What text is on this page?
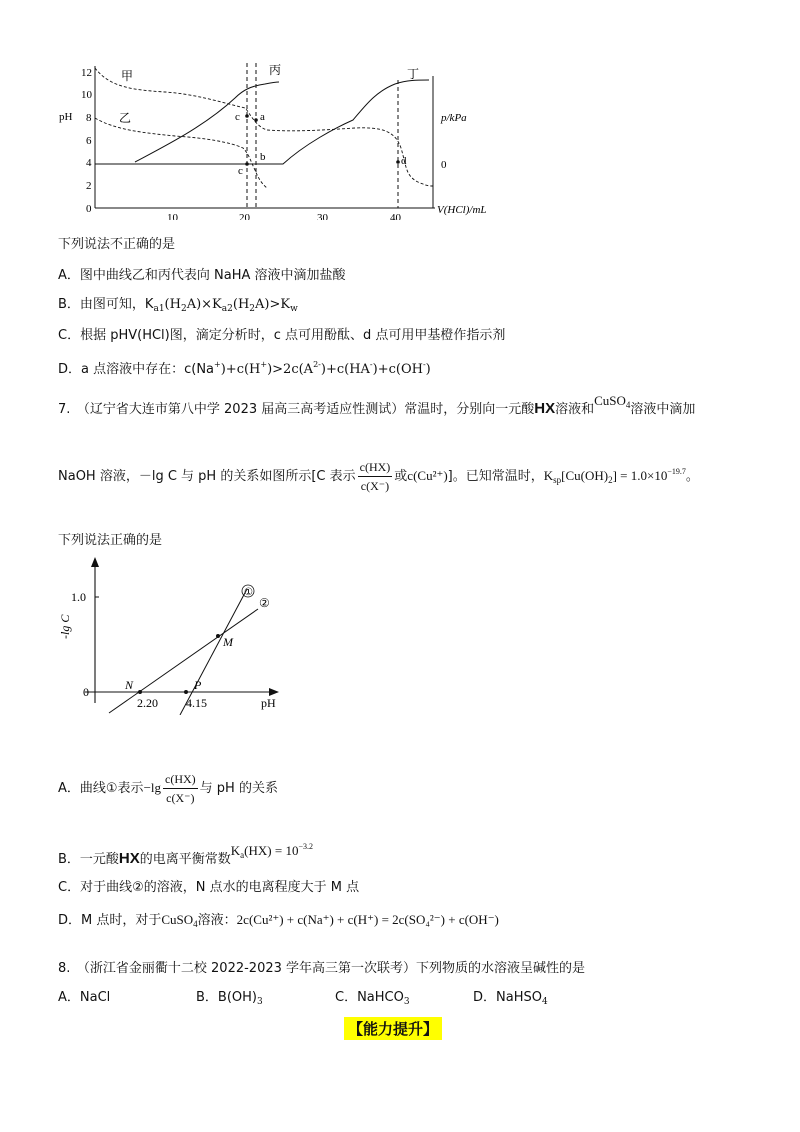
12
10
8
6
4
2
0
pH
10	20	30	40
V(HCl)/mL
p/kPa
0
甲
乙
丙	丁
c a
b
c
d
下列说法不正确的是
A．图中曲线乙和丙代表向 NaHA 溶液中滴加盐酸
B．由图可知，$K_{a1}(H_2A)\times K_{a2}(H_2A)>K_w$
C．根据 pHV(HCl)图，滴定分析时，c 点可用酚酞、d 点可用甲基橙作指示剂
D．a 点溶液中存在：$c(Na^+)+c(H^+)>2c(A^{2-})+c(HA^-)+c(OH^-)$
7.　（辽宁省大连市第八中学 2023 届高三高考适应性测试）常温时，分别向一元酸HX溶液和CuSO$_4$溶液中滴加
NaOH 溶液，－lg C 与 pH 的关系如图所示[C 表示 $\frac{c(HX)}{c(X^-)}$ 或c(Cu²⁺)]。已知常温时，$K_{sp}[Cu(OH)_2] = 1.0\times 10^{-19.7}$。
下列说法正确的是
-lg C
1.0
0
pH
①
②
M
N	P
2.20 4.15
A．曲线①表示$-\lg \frac{c(HX)}{c(X^-)}$ 与 pH 的关系
B．一元酸HX的电离平衡常数$K_a(HX) = 10^{-3.2}$
C．对于曲线②的溶液，N 点水的电离程度大于 M 点
D．M 点时，对于CuSO$_4$溶液：2c(Cu²⁺) + c(Na⁺) + c(H⁺) = 2c(SO₄²⁻) + c(OH⁻)
8.　（浙江省金丽衢十二校 2022-2023 学年高三第一次联考）下列物质的水溶液呈碱性的是
A．NaCl	B．$B(OH)_3$	C．NaHCO$_3$	D．NaHSO$_4$
【能力提升】
